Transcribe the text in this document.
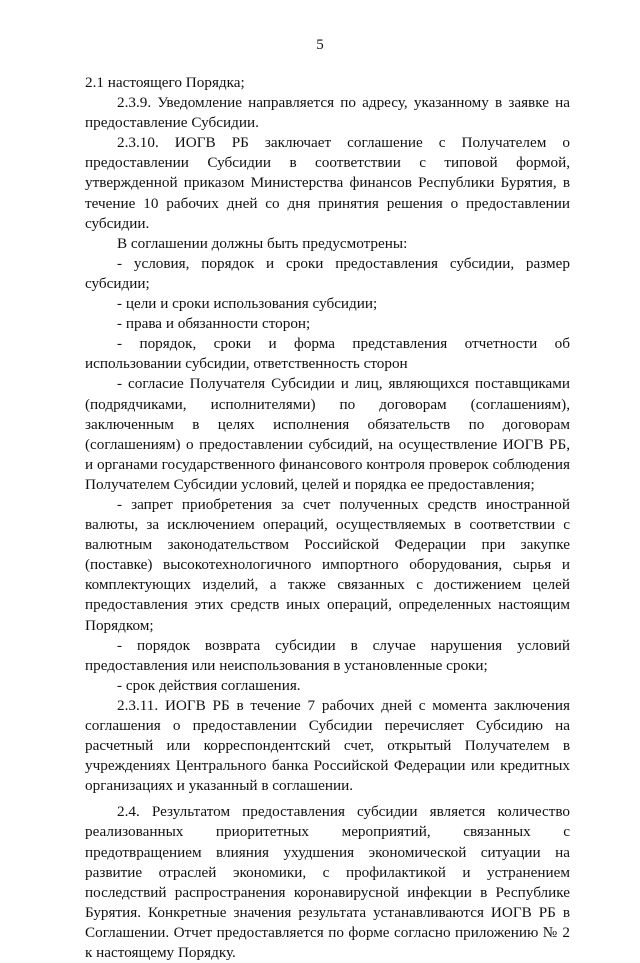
5

2.1 настоящего Порядка;

2.3.9. Уведомление направляется по адресу, указанному в заявке на предоставление Субсидии.

2.3.10. ИОГВ РБ заключает соглашение с Получателем о предоставлении Субсидии в соответствии с типовой формой, утвержденной приказом Министерства финансов Республики Бурятия, в течение 10 рабочих дней со дня принятия решения о предоставлении субсидии.

В соглашении должны быть предусмотрены:

- условия, порядок и сроки предоставления субсидии, размер субсидии;

- цели и сроки использования субсидии;

- права и обязанности сторон;

- порядок, сроки и форма представления отчетности об использовании субсидии, ответственность сторон

- согласие Получателя Субсидии и лиц, являющихся поставщиками (подрядчиками, исполнителями) по договорам (соглашениям), заключенным в целях исполнения обязательств по договорам (соглашениям) о предоставлении субсидий, на осуществление ИОГВ РБ, и органами государственного финансового контроля проверок соблюдения Получателем Субсидии условий, целей и порядка ее предоставления;

- запрет приобретения за счет полученных средств иностранной валюты, за исключением операций, осуществляемых в соответствии с валютным законодательством Российской Федерации при закупке (поставке) высокотехнологичного импортного оборудования, сырья и комплектующих изделий, а также связанных с достижением целей предоставления этих средств иных операций, определенных настоящим Порядком;

- порядок возврата субсидии в случае нарушения условий предоставления или неиспользования в установленные сроки;

- срок действия соглашения.

2.3.11. ИОГВ РБ в течение 7 рабочих дней с момента заключения соглашения о предоставлении Субсидии перечисляет Субсидию на расчетный или корреспондентский счет, открытый Получателем в учреждениях Центрального банка Российской Федерации или кредитных организациях и указанный в соглашении.

2.4. Результатом предоставления субсидии является количество реализованных приоритетных мероприятий, связанных с предотвращением влияния ухудшения экономической ситуации на развитие отраслей экономики, с профилактикой и устранением последствий распространения коронавирусной инфекции в Республике Бурятия. Конкретные значения результата устанавливаются ИОГВ РБ в Соглашении. Отчет предоставляется по форме согласно приложению № 2 к настоящему Порядку.
